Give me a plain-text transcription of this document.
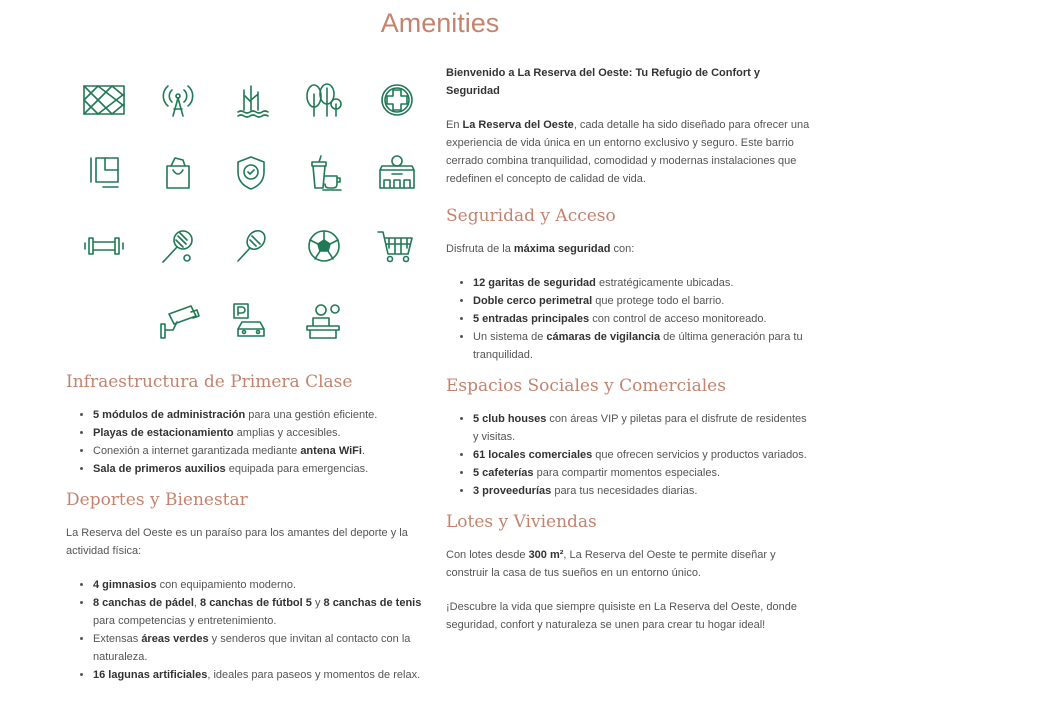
Amenities
Infraestructura de Primera Clase
• 5 módulos de administración para una gestión eficiente.
• Playas de estacionamiento amplias y accesibles.
• Conexión a internet garantizada mediante antena WiFi.
• Sala de primeros auxilios equipada para emergencias.
Deportes y Bienestar

La Reserva del Oeste es un paraíso para los amantes del deporte y la actividad física:

• 4 gimnasios con equipamiento moderno.
• 8 canchas de pádel, 8 canchas de fútbol 5 y 8 canchas de tenis para competencias y entretenimiento.
• Extensas áreas verdes y senderos que invitan al contacto con la naturaleza.
• 16 lagunas artificiales, ideales para paseos y momentos de relax.

Bienvenido a La Reserva del Oeste: Tu Refugio de Confort y Seguridad

En La Reserva del Oeste, cada detalle ha sido diseñado para ofrecer una experiencia de vida única en un entorno exclusivo y seguro. Este barrio cerrado combina tranquilidad, comodidad y modernas instalaciones que redefinen el concepto de calidad de vida.

Seguridad y Acceso

Disfruta de la máxima seguridad con:

• 12 garitas de seguridad estratégicamente ubicadas.
• Doble cerco perimetral que protege todo el barrio.
• 5 entradas principales con control de acceso monitoreado.
• Un sistema de cámaras de vigilancia de última generación para tu tranquilidad.
Espacios Sociales y Comerciales
• 5 club houses con áreas VIP y piletas para el disfrute de residentes y visitas.
• 61 locales comerciales que ofrecen servicios y productos variados.
• 5 cafeterías para compartir momentos especiales.
• 3 proveedurías para tus necesidades diarias.
Lotes y Viviendas

Con lotes desde 300 m², La Reserva del Oeste te permite diseñar y construir la casa de tus sueños en un entorno único.

¡Descubre la vida que siempre quisiste en La Reserva del Oeste, donde seguridad, confort y naturaleza se unen para crear tu hogar ideal!
